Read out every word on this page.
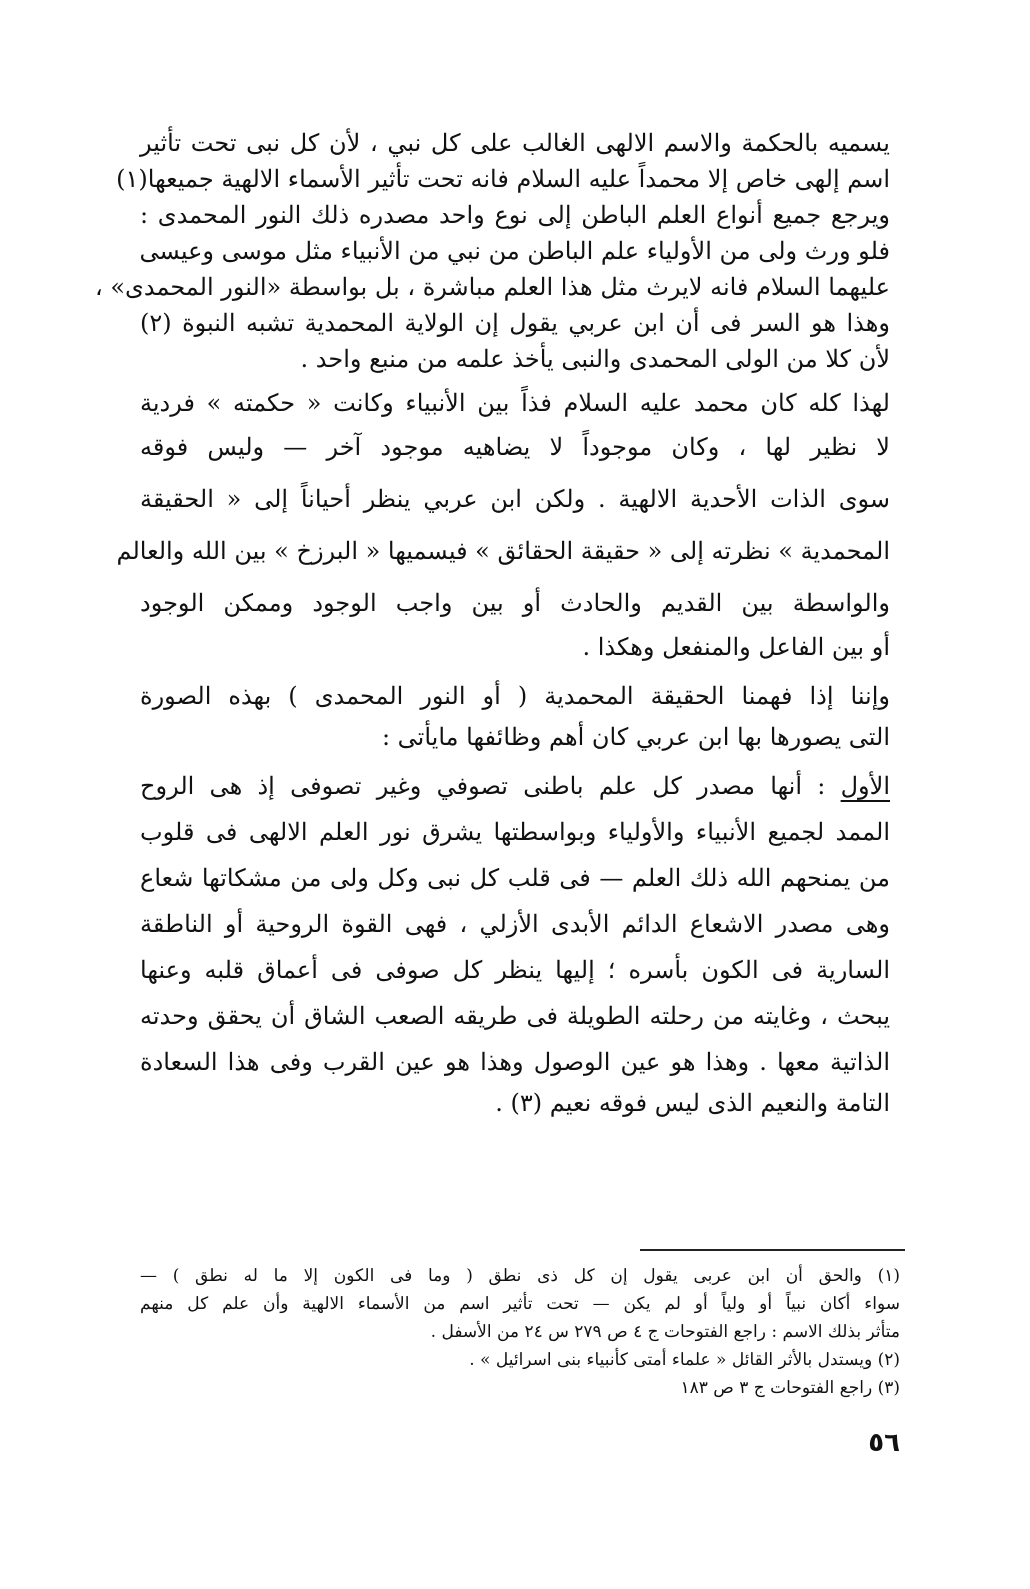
يسميه بالحكمة والاسم الالهى الغالب على كل نبي ، لأن كل نبى تحت تأثير
اسم إلهى خاص إلا محمداً عليه السلام فانه تحت تأثير الأسماء الالهية جميعها(١)
ويرجع جميع أنواع العلم الباطن إلى نوع واحد مصدره ذلك النور المحمدى :
فلو ورث ولى من الأولياء علم الباطن من نبي من الأنبياء مثل موسى وعيسى
عليهما السلام فانه لايرث مثل هذا العلم مباشرة ، بل بواسطة «النور المحمدى» ،
وهذا هو السر فى أن ابن عربي يقول إن الولاية المحمدية تشبه النبوة (٢)
لأن كلا من الولى المحمدى والنبى يأخذ علمه من منبع واحد .
لهذا كله كان محمد عليه السلام فذاً بين الأنبياء وكانت « حكمته » فردية
لا نظير لها ، وكان موجوداً لا يضاهيه موجود آخر — وليس فوقه
سوى الذات الأحدية الالهية . ولكن ابن عربي ينظر أحياناً إلى « الحقيقة
المحمدية » نظرته إلى « حقيقة الحقائق » فيسميها « البرزخ » بين الله والعالم
والواسطة بين القديم والحادث أو بين واجب الوجود وممكن الوجود
أو بين الفاعل والمنفعل وهكذا .
وإننا إذا فهمنا الحقيقة المحمدية ( أو النور المحمدى ) بهذه الصورة
التى يصورها بها ابن عربي كان أهم وظائفها مايأتى :
الأول : أنها مصدر كل علم باطنى تصوفي وغير تصوفى إذ هى الروح
الممد لجميع الأنبياء والأولياء وبواسطتها يشرق نور العلم الالهى فى قلوب
من يمنحهم الله ذلك العلم — فى قلب كل نبى وكل ولى من مشكاتها شعاع
وهى مصدر الاشعاع الدائم الأبدى الأزلي ، فهى القوة الروحية أو الناطقة
السارية فى الكون بأسره ؛ إليها ينظر كل صوفى فى أعماق قلبه وعنها
يبحث ، وغايته من رحلته الطويلة فى طريقه الصعب الشاق أن يحقق وحدته
الذاتية معها . وهذا هو عين الوصول وهذا هو عين القرب وفى هذا السعادة
التامة والنعيم الذى ليس فوقه نعيم (٣) .
(١) والحق أن ابن عربى يقول إن كل ذى نطق ( وما فى الكون إلا ما له نطق ) —
سواء أكان نبياً أو ولياً أو لم يكن — تحت تأثير اسم من الأسماء الالهية وأن علم كل منهم
متأثر بذلك الاسم : راجع الفتوحات ج ٤ ص ٢٧٩ س ٢٤ من الأسفل .
(٢) ويستدل بالأثر القائل « علماء أمتى كأنبياء بنى اسرائيل » .
(٣) راجع الفتوحات ج ٣ ص ١٨٣
٥٦
